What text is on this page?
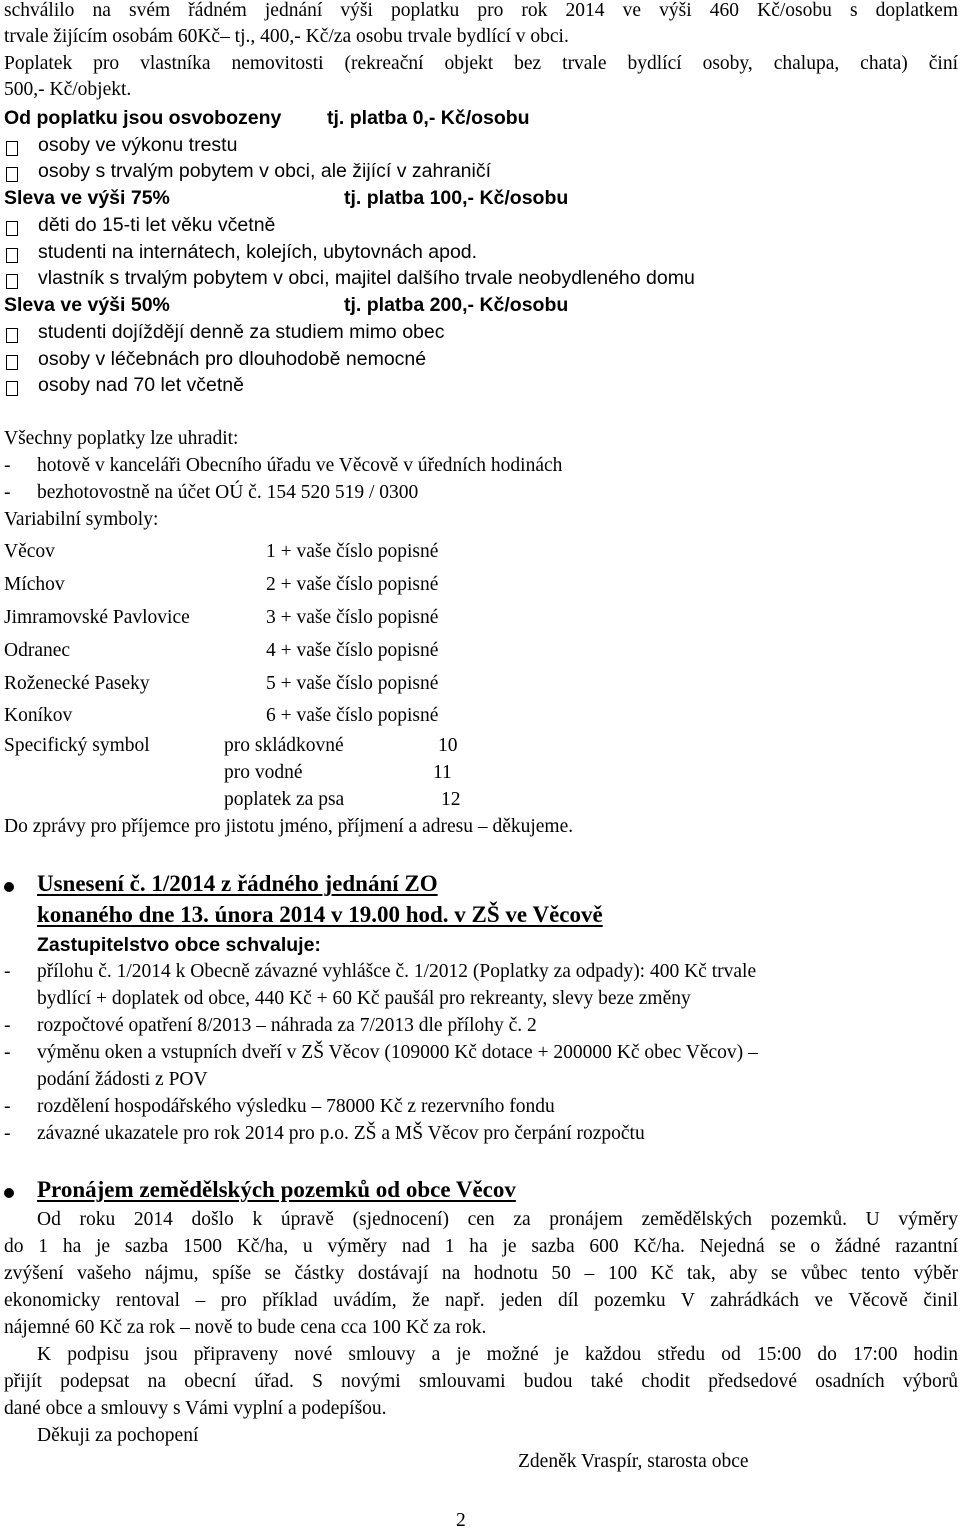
schválilo na svém řádném jednání výši poplatku pro rok 2014 ve výši 460 Kč/osobu s doplatkem
trvale žijícím osobám 60Kč– tj., 400,- Kč/za osobu trvale bydlící v obci.
Poplatek pro vlastníka nemovitosti (rekreační objekt bez trvale bydlící osoby, chalupa, chata) činí
500,- Kč/objekt.
Od poplatku jsou osvobozeny tj. platba 0,- Kč/osobu
osoby ve výkonu trestu
osoby s trvalým pobytem v obci, ale žijící v zahraničí
Sleva ve výši 75%	tj. platba 100,- Kč/osobu
děti do 15-ti let věku včetně
studenti na internátech, kolejích, ubytovnách apod.
vlastník s trvalým pobytem v obci, majitel dalšího trvale neobydleného domu
Sleva ve výši 50%	tj. platba 200,- Kč/osobu
studenti dojíždějí denně za studiem mimo obec
osoby v léčebnách pro dlouhodobě nemocné
osoby nad 70 let včetně
Všechny poplatky lze uhradit:
- hotově v kanceláři Obecního úřadu ve Věcově v úředních hodinách
- bezhotovostně na účet OÚ č. 154 520 519 / 0300
Variabilní symboly:
Věcov	1 + vaše číslo popisné
Míchov	2 + vaše číslo popisné
Jimramovské Pavlovice	3 + vaše číslo popisné
Odranec	4 + vaše číslo popisné
Roženecké Paseky	5 + vaše číslo popisné
Koníkov	6 + vaše číslo popisné
Specifický symbol	pro skládkovné	10
pro vodné	11
poplatek za psa	12
Do zprávy pro příjemce pro jistotu jméno, příjmení a adresu – děkujeme.
Usnesení č. 1/2014 z řádného jednání ZO
konaného dne 13. února 2014 v 19.00 hod. v ZŠ ve Věcově
Zastupitelstvo obce schvaluje:
- přílohu č. 1/2014 k Obecně závazné vyhlášce č. 1/2012 (Poplatky za odpady): 400 Kč trvale
bydlící + doplatek od obce, 440 Kč + 60 Kč paušál pro rekreanty, slevy beze změny
- rozpočtové opatření 8/2013 – náhrada za 7/2013 dle přílohy č. 2
- výměnu oken a vstupních dveří v ZŠ Věcov (109000 Kč dotace + 200000 Kč obec Věcov) –
podání žádosti z POV
- rozdělení hospodářského výsledku – 78000 Kč z rezervního fondu
- závazné ukazatele pro rok 2014 pro p.o. ZŠ a MŠ Věcov pro čerpání rozpočtu
Pronájem zemědělských pozemků od obce Věcov
Od roku 2014 došlo k úpravě (sjednocení) cen za pronájem zemědělských pozemků. U výměry
do 1 ha je sazba 1500 Kč/ha, u výměry nad 1 ha je sazba 600 Kč/ha. Nejedná se o žádné razantní
zvýšení vašeho nájmu, spíše se částky dostávají na hodnotu 50 – 100 Kč tak, aby se vůbec tento výběr
ekonomicky rentoval – pro příklad uvádím, že např. jeden díl pozemku V zahrádkách ve Věcově činil
nájemné 60 Kč za rok – nově to bude cena cca 100 Kč za rok.
K podpisu jsou připraveny nové smlouvy a je možné je každou středu od 15:00 do 17:00 hodin
přijít podepsat na obecní úřad. S novými smlouvami budou také chodit předsedové osadních výborů
dané obce a smlouvy s Vámi vyplní a podepíšou.
Děkuji za pochopení
Zdeněk Vraspír, starosta obce
2
